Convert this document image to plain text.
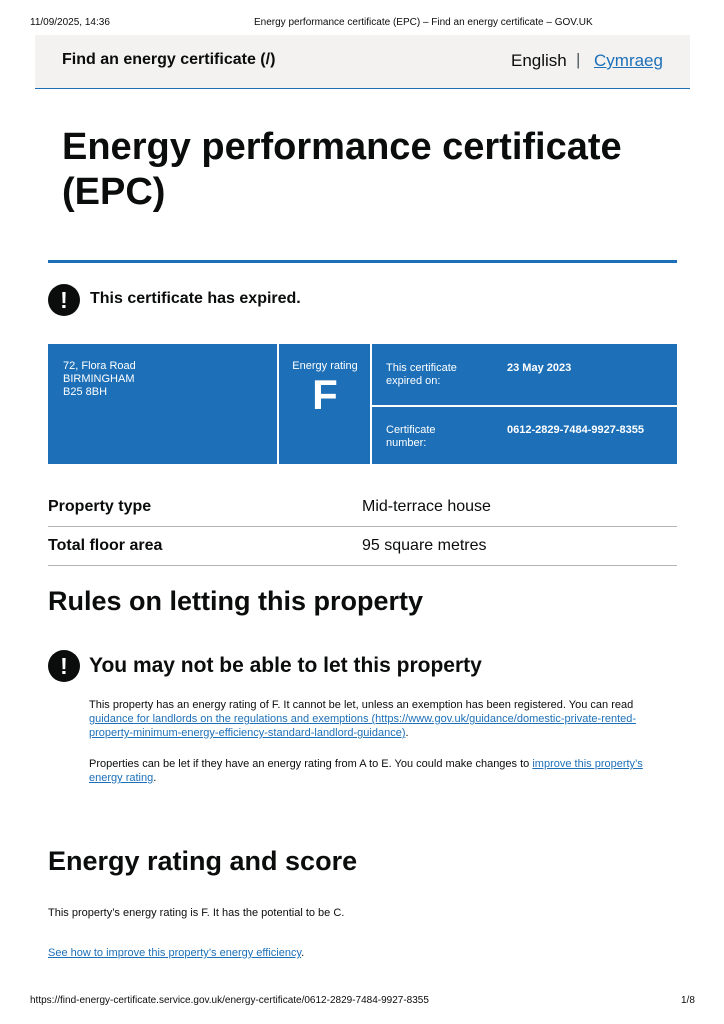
11/09/2025, 14:36	Energy performance certificate (EPC) – Find an energy certificate – GOV.UK
Find an energy certificate (/)	English | Cymraeg
Energy performance certificate (EPC)
!	This certificate has expired.
72, Flora Road
BIRMINGHAM
B25 8BH
Energy rating
F
This certificate
expired on:
23 May 2023
Certificate
number:
0612-2829-7484-9927-8355
Property type	Mid-terrace house
Total floor area	95 square metres
Rules on letting this property
!	You may not be able to let this property
This property has an energy rating of F. It cannot be let, unless an exemption has been registered. You can read guidance for landlords on the regulations and exemptions (https://www.gov.uk/guidance/domestic-private-rented-property-minimum-energy-efficiency-standard-landlord-guidance).
Properties can be let if they have an energy rating from A to E. You could make changes to improve this property’s energy rating.
Energy rating and score
This property’s energy rating is F. It has the potential to be C.
See how to improve this property’s energy efficiency.
https://find-energy-certificate.service.gov.uk/energy-certificate/0612-2829-7484-9927-8355	1/8
